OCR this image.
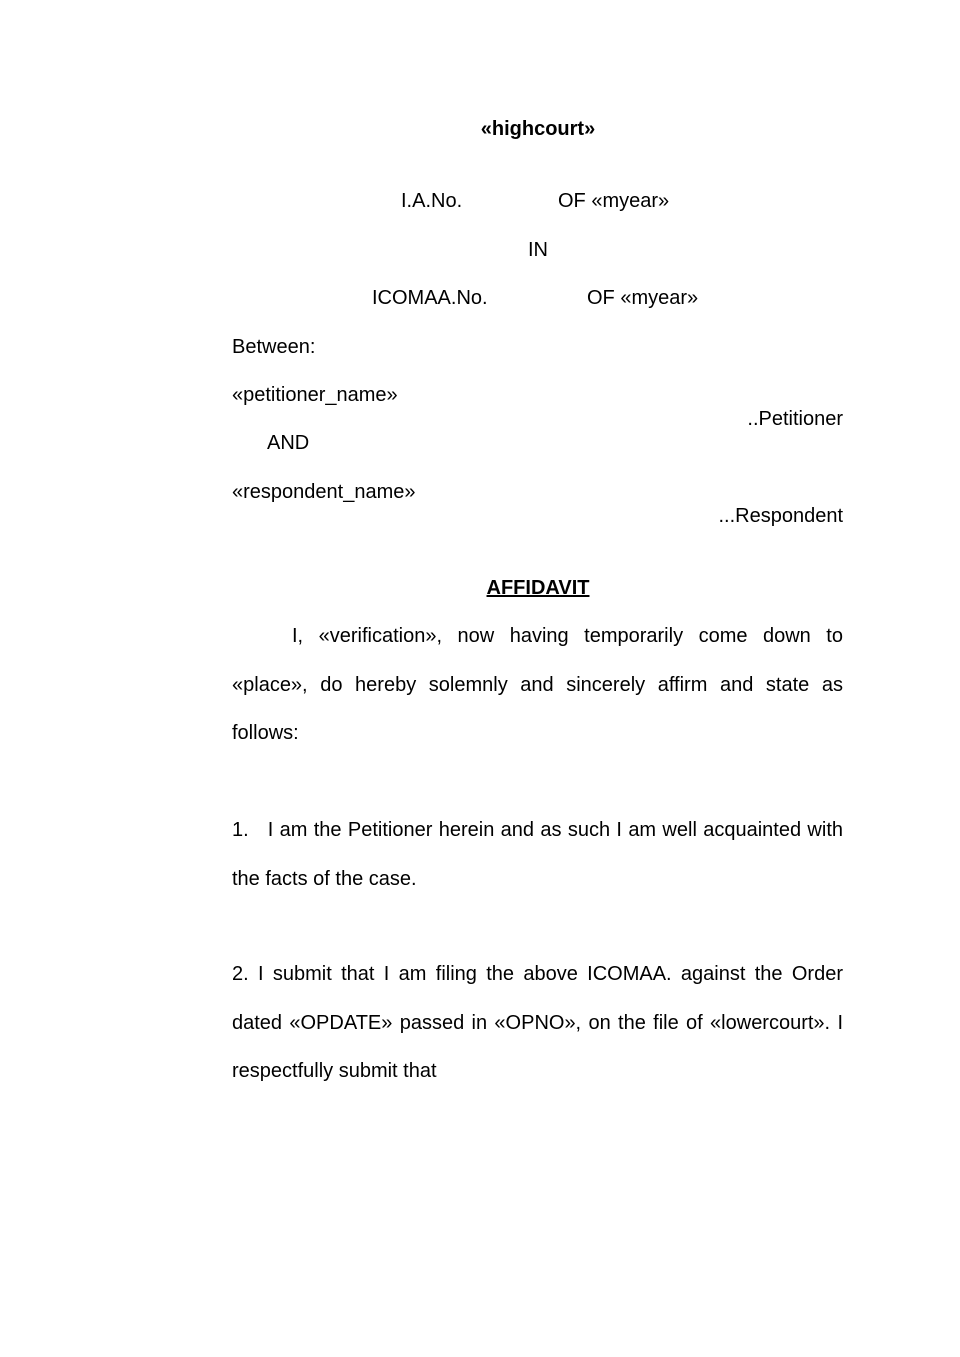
«highcourt»
I.A.No.	OF «myear»
IN
ICOMAA.No.	OF «myear»
Between:
«petitioner_name»
..Petitioner
AND
«respondent_name»
...Respondent
AFFIDAVIT
I, «verification», now having temporarily come down to «place», do hereby solemnly and sincerely affirm and state as follows:
1. I am the Petitioner herein and as such I am well acquainted with the facts of the case.
2. I submit that I am filing the above ICOMAA. against the Order dated «OPDATE» passed in «OPNO», on the file of «lowercourt». I respectfully submit that
